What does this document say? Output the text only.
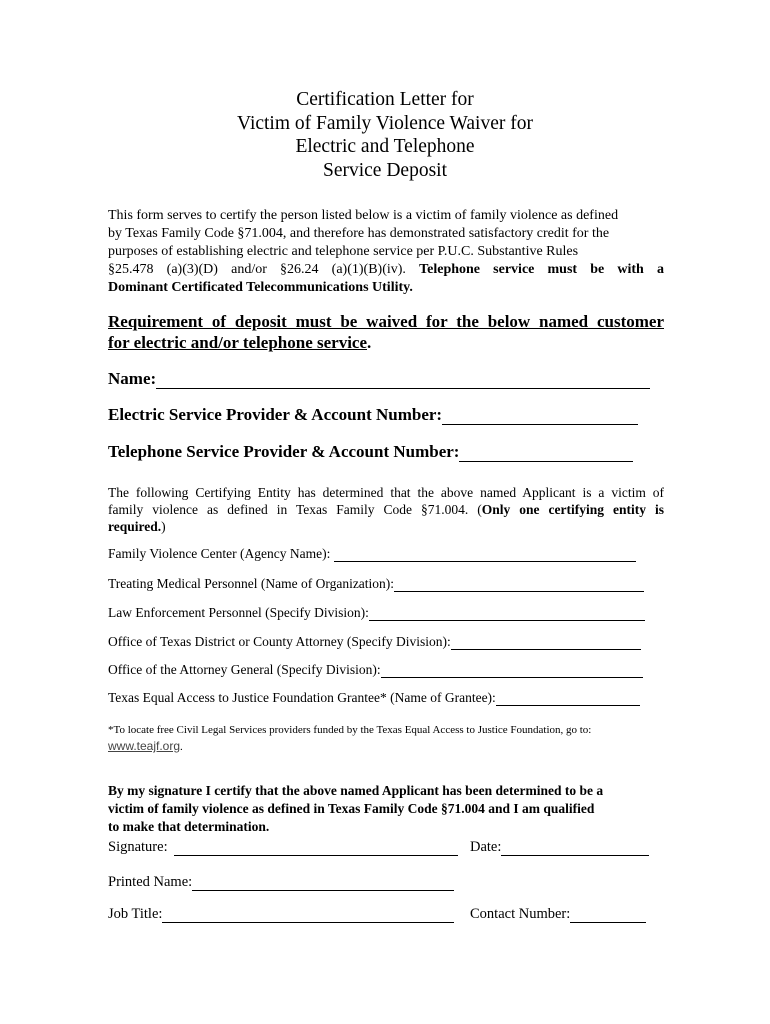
Certification Letter for
Victim of Family Violence Waiver for
Electric and Telephone
Service Deposit
This form serves to certify the person listed below is a victim of family violence as defined
by Texas Family Code §71.004, and therefore has demonstrated satisfactory credit for the
purposes of establishing electric and telephone service per P.U.C. Substantive Rules
§25.478 (a)(3)(D) and/or §26.24 (a)(1)(B)(iv). Telephone service must be with a
Dominant Certificated Telecommunications Utility.
Requirement of deposit must be waived for the below named customer
for electric and/or telephone service.
Name:
Electric Service Provider & Account Number:
Telephone Service Provider & Account Number:
The following Certifying Entity has determined that the above named Applicant is a victim of
family violence as defined in Texas Family Code §71.004. (Only one certifying entity is
required.)
Family Violence Center (Agency Name):
Treating Medical Personnel (Name of Organization):
Law Enforcement Personnel (Specify Division):
Office of Texas District or County Attorney (Specify Division):
Office of the Attorney General (Specify Division):
Texas Equal Access to Justice Foundation Grantee* (Name of Grantee):
*To locate free Civil Legal Services providers funded by the Texas Equal Access to Justice Foundation, go to:
www.teajf.org.
By my signature I certify that the above named Applicant has been determined to be a
victim of family violence as defined in Texas Family Code §71.004 and I am qualified
to make that determination.
Signature:	Date:
Printed Name:
Job Title:	Contact Number:
